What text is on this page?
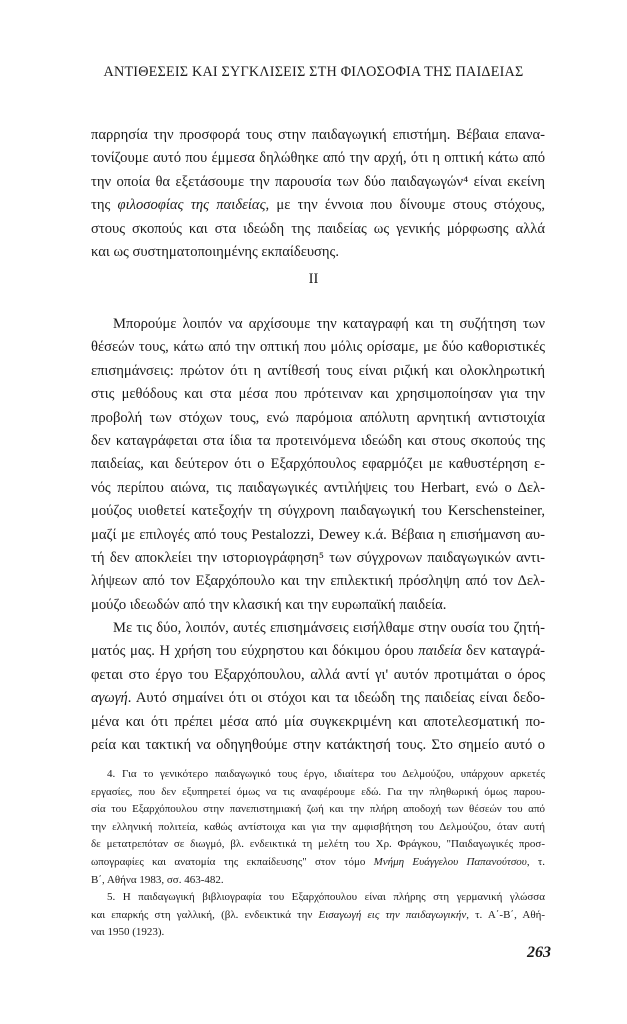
ΑΝΤΙΘΕΣΕΙΣ ΚΑΙ ΣΥΓΚΛΙΣΕΙΣ ΣΤΗ ΦΙΛΟΣΟΦΙΑ ΤΗΣ ΠΑΙΔΕΙΑΣ
παρρησία την προσφορά τους στην παιδαγωγική επιστήμη. Βέβαια επανα-
τονίζουμε αυτό που έμμεσα δηλώθηκε από την αρχή, ότι η οπτική κάτω από
την οποία θα εξετάσουμε την παρουσία των δύο παιδαγωγών⁴ είναι εκείνη
της φιλοσοφίας της παιδείας, με την έννοια που δίνουμε στους στόχους,
στους σκοπούς και στα ιδεώδη της παιδείας ως γενικής μόρφωσης αλλά
και ως συστηματοποιημένης εκπαίδευσης.
II
Μπορούμε λοιπόν να αρχίσουμε την καταγραφή και τη συζήτηση των
θέσεών τους, κάτω από την οπτική που μόλις ορίσαμε, με δύο καθοριστικές
επισημάνσεις: πρώτον ότι η αντίθεσή τους είναι ριζική και ολοκληρωτική
στις μεθόδους και στα μέσα που πρότειναν και χρησιμοποίησαν για την
προβολή των στόχων τους, ενώ παρόμοια απόλυτη αρνητική αντιστοιχία
δεν καταγράφεται στα ίδια τα προτεινόμενα ιδεώδη και στους σκοπούς της
παιδείας, και δεύτερον ότι ο Εξαρχόπουλος εφαρμόζει με καθυστέρηση ε-
νός περίπου αιώνα, τις παιδαγωγικές αντιλήψεις του Herbart, ενώ ο Δελ-
μούζος υιοθετεί κατεξοχήν τη σύγχρονη παιδαγωγική του Kerschensteiner,
μαζί με επιλογές από τους Pestalozzi, Dewey κ.ά. Βέβαια η επισήμανση αυ-
τή δεν αποκλείει την ιστοριογράφηση⁵ των σύγχρονων παιδαγωγικών αντι-
λήψεων από τον Εξαρχόπουλο και την επιλεκτική πρόσληψη από τον Δελ-
μούζο ιδεωδών από την κλασική και την ευρωπαϊκή παιδεία.
Με τις δύο, λοιπόν, αυτές επισημάνσεις εισήλθαμε στην ουσία του ζητή-
ματός μας. Η χρήση του εύχρηστου και δόκιμου όρου παιδεία δεν καταγρά-
φεται στο έργο του Εξαρχόπουλου, αλλά αντί γι' αυτόν προτιμάται ο όρος
αγωγή. Αυτό σημαίνει ότι οι στόχοι και τα ιδεώδη της παιδείας είναι δεδο-
μένα και ότι πρέπει μέσα από μία συγκεκριμένη και αποτελεσματική πο-
ρεία και τακτική να οδηγηθούμε στην κατάκτησή τους. Στο σημείο αυτό ο
4. Για το γενικότερο παιδαγωγικό τους έργο, ιδιαίτερα του Δελμούζου, υπάρχουν αρκετές
εργασίες, που δεν εξυπηρετεί όμως να τις αναφέρουμε εδώ. Για την πληθωρική όμως παρου-
σία του Εξαρχόπουλου στην πανεπιστημιακή ζωή και την πλήρη αποδοχή των θέσεών του από
την ελληνική πολιτεία, καθώς αντίστοιχα και για την αμφισβήτηση του Δελμούζου, όταν αυτή
δε μετατρεπόταν σε διωγμό, βλ. ενδεικτικά τη μελέτη του Χρ. Φράγκου, "Παιδαγωγικές προσ-
ωπογραφίες και ανατομία της εκπαίδευσης" στον τόμο Μνήμη Ευάγγελου Παπανούτσου, τ.
Β΄, Αθήνα 1983, σσ. 463-482.
5. Η παιδαγωγική βιβλιογραφία του Εξαρχόπουλου είναι πλήρης στη γερμανική γλώσσα
και επαρκής στη γαλλική, (βλ. ενδεικτικά την Εισαγωγή εις την παιδαγωγικήν, τ. Α΄-Β΄, Αθή-
ναι 1950 (1923).
263
